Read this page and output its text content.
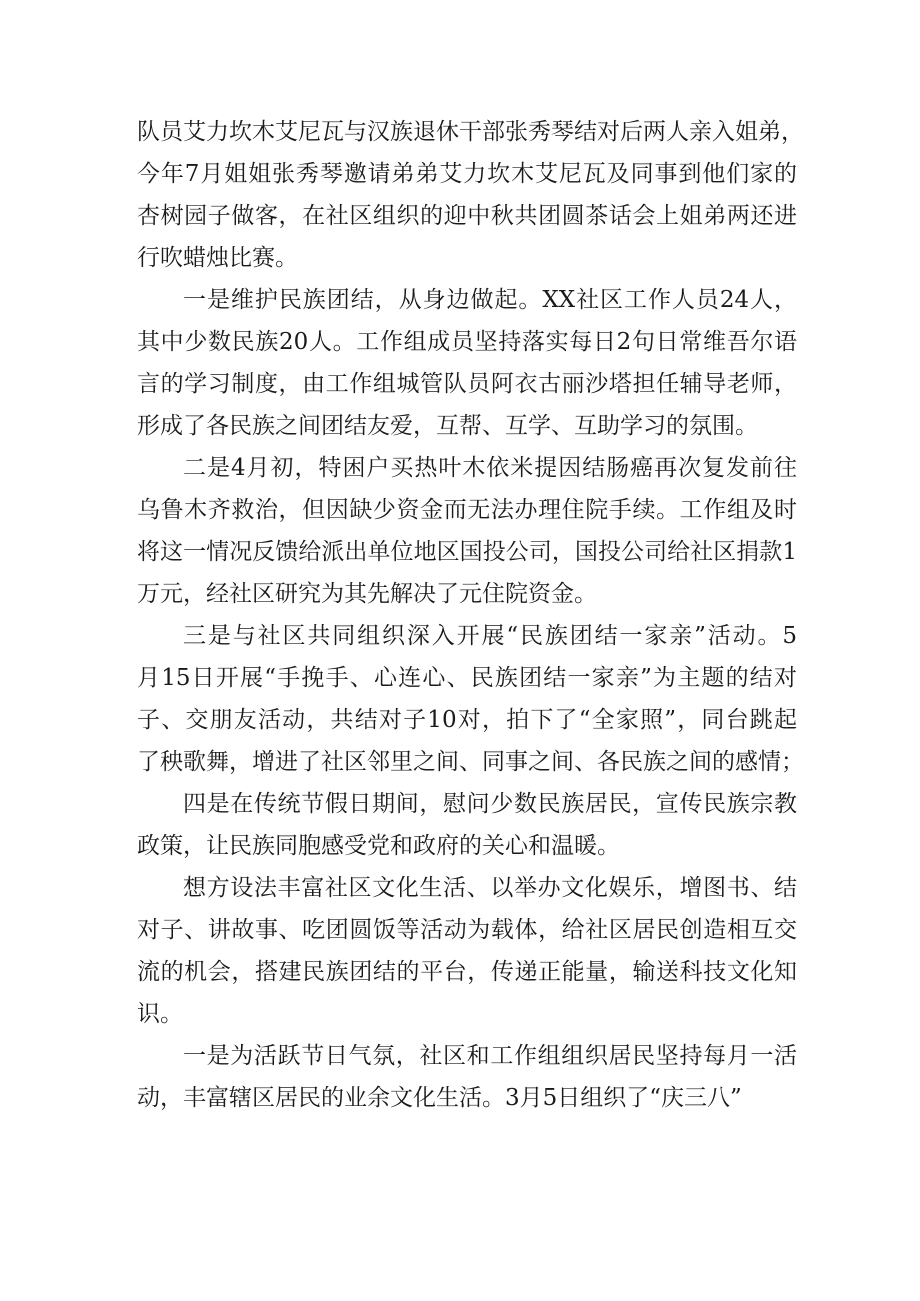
队员艾力坎木艾尼瓦与汉族退休干部张秀琴结对后两人亲入姐弟，
今年7月姐姐张秀琴邀请弟弟艾力坎木艾尼瓦及同事到他们家的
杏树园子做客，在社区组织的迎中秋共团圆茶话会上姐弟两还进
行吹蜡烛比赛。
一是维护民族团结，从身边做起。XX社区工作人员24人，
其中少数民族20人。工作组成员坚持落实每日2句日常维吾尔语
言的学习制度，由工作组城管队员阿衣古丽沙塔担任辅导老师，
形成了各民族之间团结友爱，互帮、互学、互助学习的氛围。
二是4月初，特困户买热叶木依米提因结肠癌再次复发前往
乌鲁木齐救治，但因缺少资金而无法办理住院手续。工作组及时
将这一情况反馈给派出单位地区国投公司，国投公司给社区捐款1
万元，经社区研究为其先解决了元住院资金。
三是与社区共同组织深入开展“民族团结一家亲”活动。5
月15日开展“手挽手、心连心、民族团结一家亲”为主题的结对
子、交朋友活动，共结对子10对，拍下了“全家照”，同台跳起
了秧歌舞，增进了社区邻里之间、同事之间、各民族之间的感情；
四是在传统节假日期间，慰问少数民族居民，宣传民族宗教
政策，让民族同胞感受党和政府的关心和温暖。
想方设法丰富社区文化生活、以举办文化娱乐，增图书、结
对子、讲故事、吃团圆饭等活动为载体，给社区居民创造相互交
流的机会，搭建民族团结的平台，传递正能量，输送科技文化知
识。
一是为活跃节日气氛，社区和工作组组织居民坚持每月一活
动，丰富辖区居民的业余文化生活。3月5日组织了“庆三八”
